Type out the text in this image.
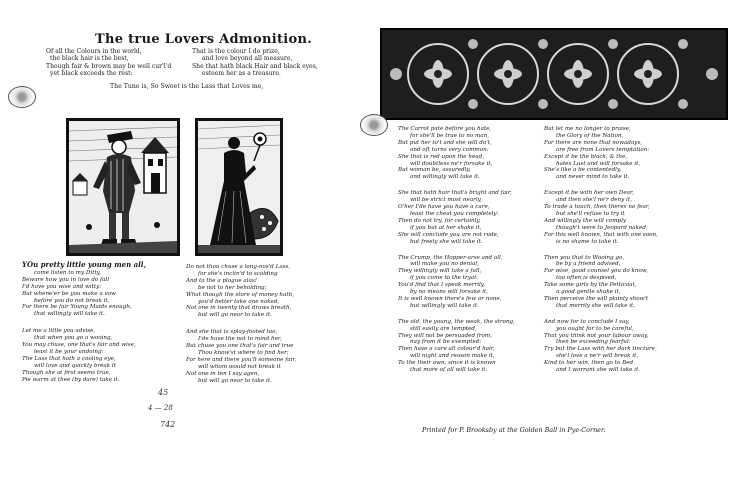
The true Lovers Admonition.
Of all the Colours in the world,
the black hair is the best,
Though fair & brown may be well cur'l'd
yet black exceeds the rest:
That is the colour I do prize,
and love beyond all measure,
She that hath black Hair and black eyes,
esteem her as a treasure.
The Tune is, So Sweet is the Lass that Loves me,
YOu pretty little young men all,
come listen to my Ditty,
Beware how you in love do fall
I'd have you wise and witty:
But whene'er be you make a vow
before you do not break it,
For there be fair Young Maids enough,
that willingly will take it.
Let me a little you advise,
that when you go a wooing,
You may chuse, one that's fair and wise,
least it be your undoing:
The Lass that hath a cooling eye,
will love and quickly break it
Though she at first seems true,
Pie warm at thee (by dare) take it.
Do not thou chuse a long-nos'd Lass,
for she's inclin'd to scolding
And to the a plague alas!
be not to her beholding:
What though the store of money hath,
you'd better take one naked,
Not one in twenty that draws breath,
but will go near to take it.
And she that is splay-footed too,
I'de have the not to mind her,
But chuse you one that's fair and true
Thou know'st where to find her;
For here and there you'll someone fair,
will whom would not break it
Not one in ten I say agen,
but will go near to take it.
45
4 — 28
742
The Carrot pate before you hate,
for she'll be true to no man,
But put her to't and she will do't,
and oft turns very common:
She that is red upon the head,
will doubtless ne'r forsake it,
But woman be, assuredly,
and willingly will take it.
She that hath hair that's bright and fair,
will be strict most nearly,
O'her I'de have you have a care,
least the cheat you completely:
Then do not try, for certainly,
if you but at her shake it,
She will conclude you are not rude,
but freely she will take it.
The Crump, the Hopper-arse and all,
will make you no denial,
They willingly will take a fall,
if you come to the tryal:
You'd find that I speak merrily,
by no means will forsake it,
It is well known there's few or none,
but willingly will take it.
The old, the young, the weak, the strong,
still easily are tempted,
They will not be persuaded from,
nay from it be exempted:
Then have a care all colour'd hair,
will night and reason make it,
To the their own, since it is known
that more of all will take it.
But let me no longer to praise,
the Glory of the Nation,
For there are none that nowadays,
are free from Lovers temptation:
Except it be the black, & the,
hates Lust and will forsake it,
She's like a be contentedly,
and never mind to take it.
Except it be with her own Dear,
and then she'l ne'r deny it,
To trade a touch, then theres no fear,
but she'll refuse to try it
And willingly the will comply
though't were to Jeopard naked,
For this well known, that with one soon,
is no shame to take it.
Then you that to Wooing go,
be by a friend advised,
For wise, good counsel you do know,
too often is despised,
Take some girls by the Petticoat,
a good gentle shake it,
Then perceive the will plainly show't
that merrily she will take it.
And now for to conclude I say,
you ought for to be careful,
That you think not your labour away,
then be exceeding fearful:
Try but the Lass with her dark tincture,
she'l love a ne'r will break it,
Kind to her win, then go to Bed
and I warrant she will take it.
Printed for P. Brooksby at the Golden Ball in Pye-Corner.
